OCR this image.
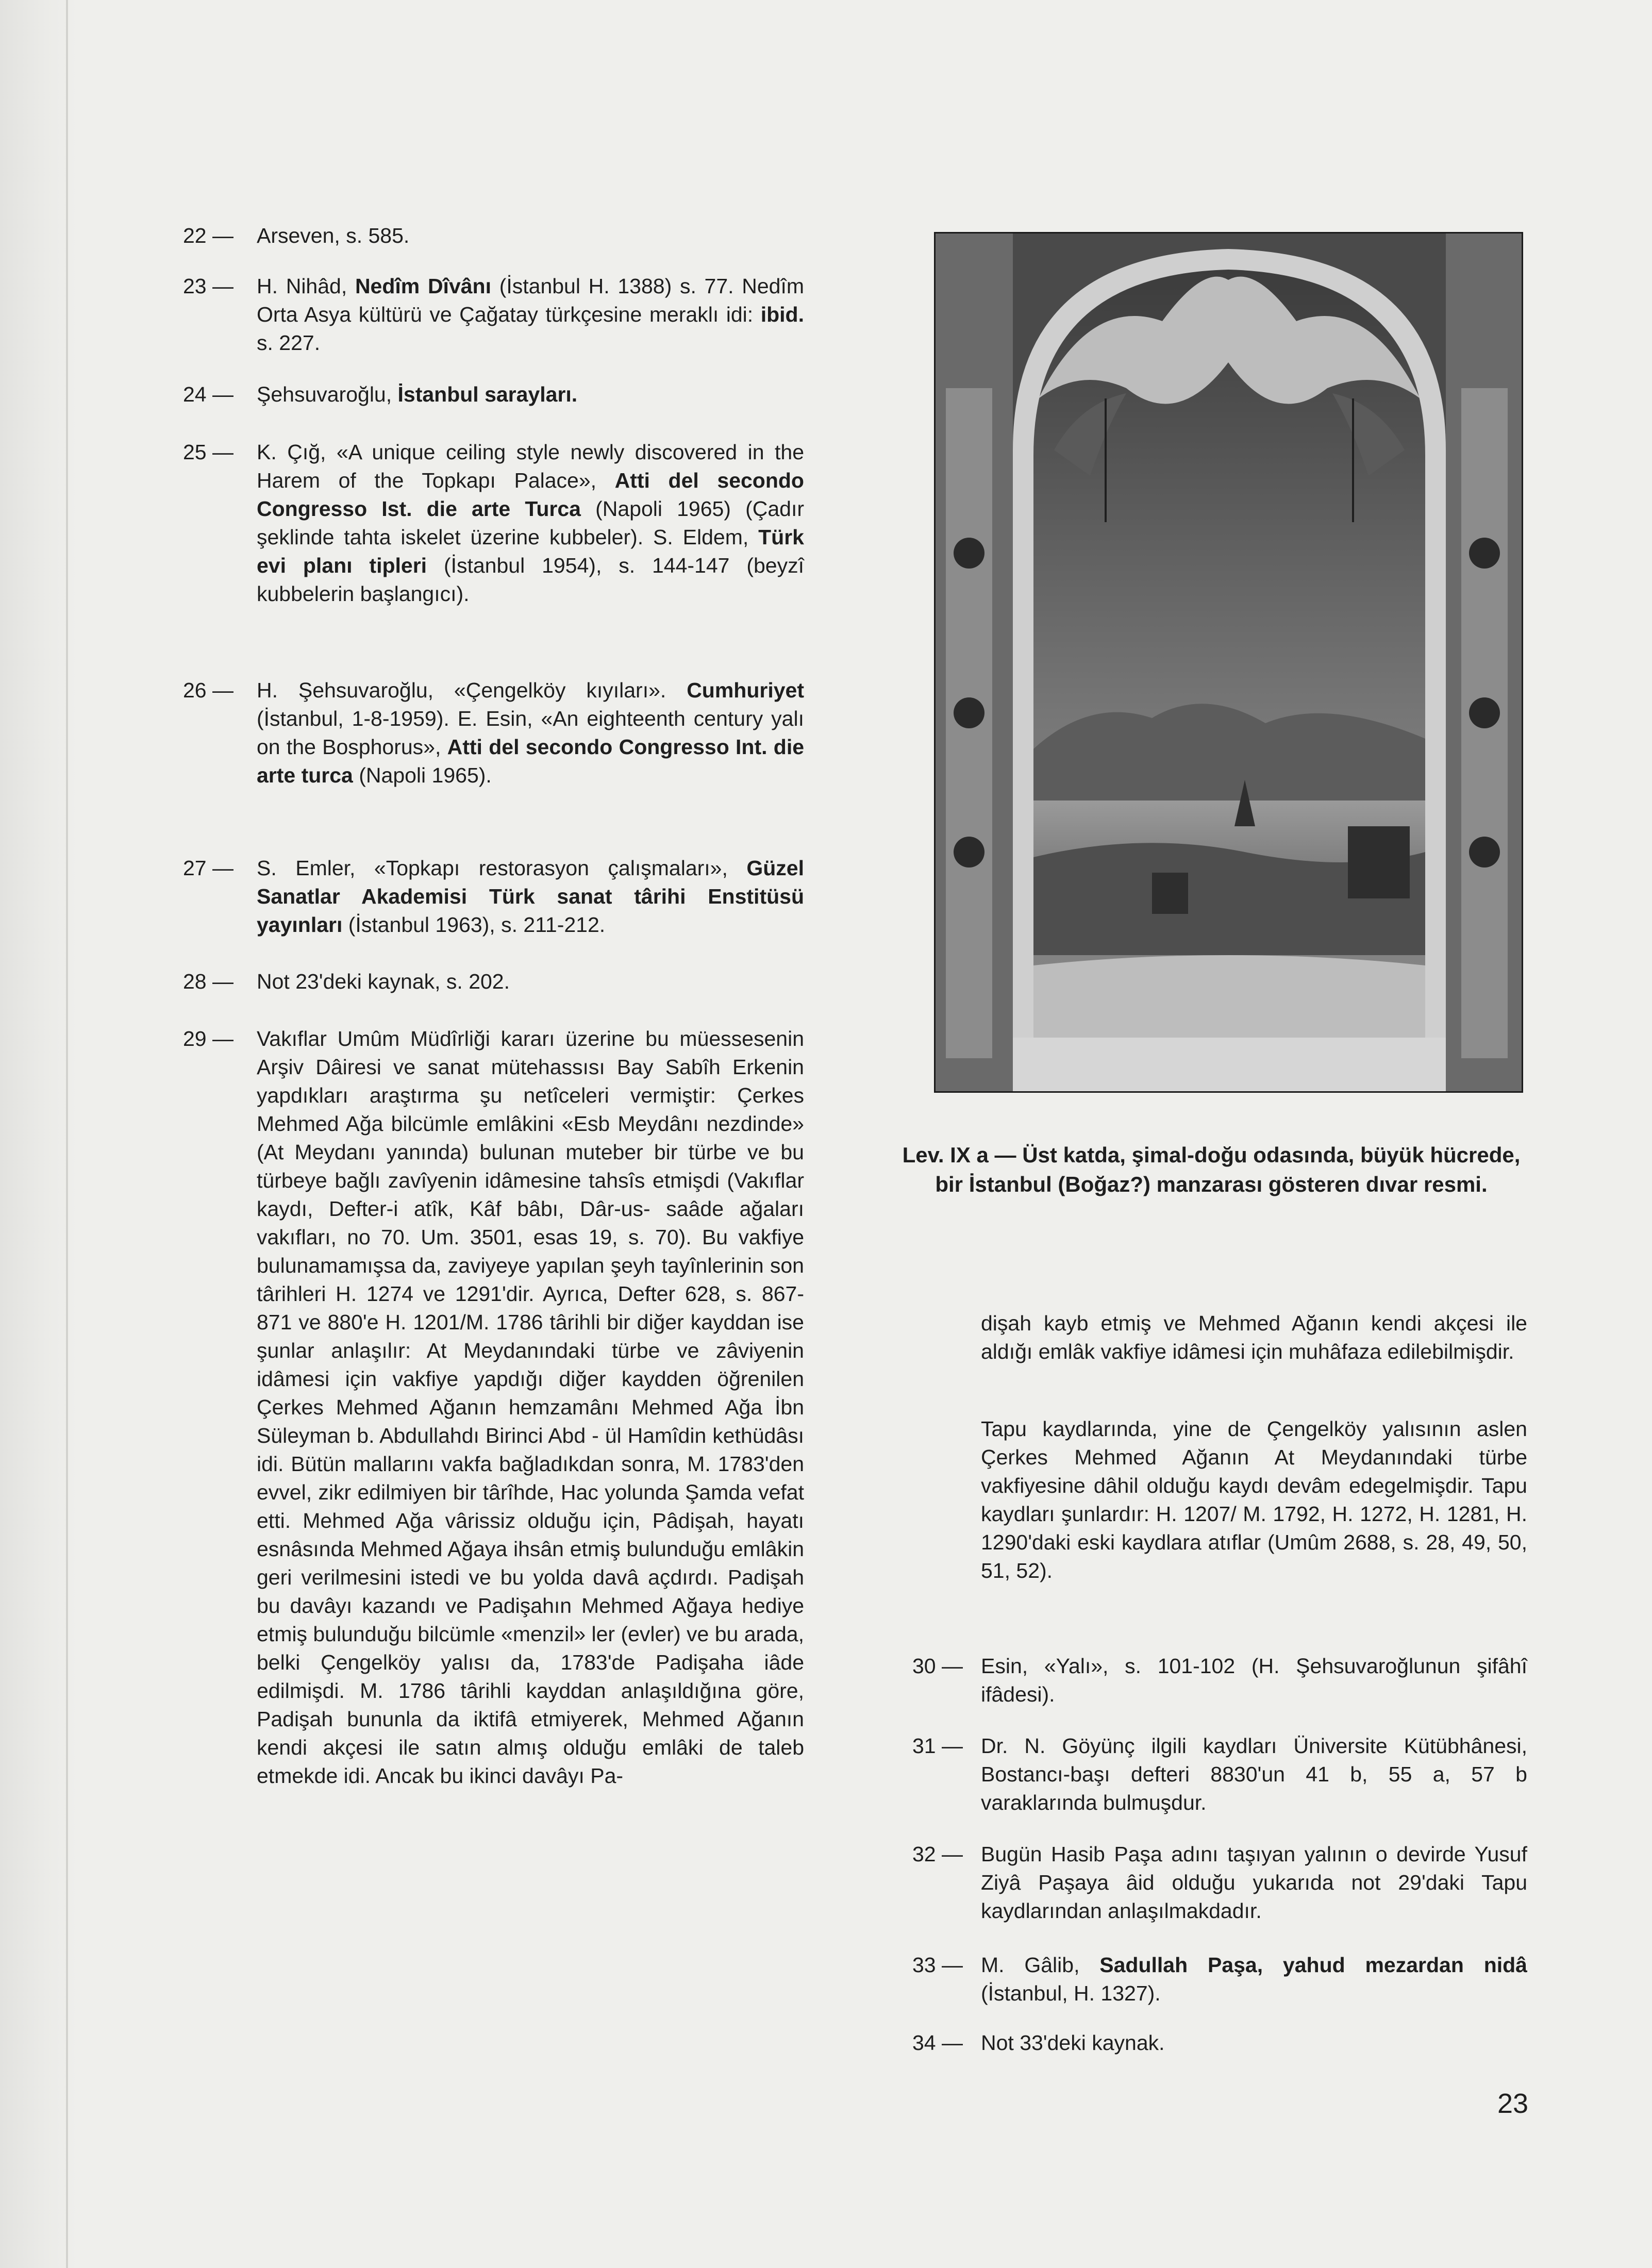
22 —	Arseven, s. 585.
23 —	H. Nihâd, Nedîm Dîvânı (İstanbul H. 1388) s. 77. Nedîm Orta Asya kültürü ve Çağatay türkçesine meraklı idi: ibid. s. 227.
24 —	Şehsuvaroğlu, İstanbul sarayları.
25 —	K. Çığ, «A unique ceiling style newly discovered in the Harem of the Topkapı Palace», Atti del secondo Congresso Ist. die arte Turca (Napoli 1965) (Çadır şeklinde tahta iskelet üzerine kubbeler). S. Eldem, Türk evi planı tipleri (İstanbul 1954), s. 144-147 (beyzî kubbelerin başlangıcı).
26 —	H. Şehsuvaroğlu, «Çengelköy kıyıları». Cumhuriyet (İstanbul, 1-8-1959). E. Esin, «An eighteenth century yalı on the Bosphorus», Atti del secondo Congresso Int. die arte turca (Napoli 1965).
27 —	S. Emler, «Topkapı restorasyon çalışmaları», Güzel Sanatlar Akademisi Türk sanat târihi Enstitüsü yayınları (İstanbul 1963), s. 211-212.
28 —	Not 23'deki kaynak, s. 202.
29 —	Vakıflar Umûm Müdîrliği kararı üzerine bu müessesenin Arşiv Dâiresi ve sanat mütehassısı Bay Sabîh Erkenin yapdıkları araştırma şu netîceleri vermiştir: Çerkes Mehmed Ağa bilcümle emlâkini «Esb Meydânı nezdinde» (At Meydanı yanında) bulunan muteber bir türbe ve bu türbeye bağlı zavîyenin idâmesine tahsîs etmişdi (Vakıflar kaydı, Defter-i atîk, Kâf bâbı, Dâr-us- saâde ağaları vakıfları, no 70. Um. 3501, esas 19, s. 70). Bu vakfiye bulunamamışsa da, zaviyeye yapılan şeyh tayînlerinin son târihleri H. 1274 ve 1291'dir. Ayrıca, Defter 628, s. 867-871 ve 880'e H. 1201/M. 1786 târihli bir diğer kayddan ise şunlar anlaşılır: At Meydanındaki türbe ve zâviyenin idâmesi için vakfiye yapdığı diğer kaydden öğrenilen Çerkes Mehmed Ağanın hemzamânı Mehmed Ağa İbn Süleyman b. Abdullahdı Birinci Abd - ül Hamîdin kethüdâsı idi. Bütün mallarını vakfa bağladıkdan sonra, M. 1783'den evvel, zikr edilmiyen bir târîhde, Hac yolunda Şamda vefat etti. Mehmed Ağa vârissiz olduğu için, Pâdişah, hayatı esnâsında Mehmed Ağaya ihsân etmiş bulunduğu emlâkin geri verilmesini istedi ve bu yolda davâ açdırdı. Padişah bu davâyı kazandı ve Padişahın Mehmed Ağaya hediye etmiş bulunduğu bilcümle «menzil» ler (evler) ve bu arada, belki Çengelköy yalısı da, 1783'de Padişaha iâde edilmişdi. M. 1786 târihli kayddan anlaşıldığına göre, Padişah bununla da iktifâ etmiyerek, Mehmed Ağanın kendi akçesi ile satın almış olduğu emlâki de taleb etmekde idi. Ancak bu ikinci davâyı Pa-
Lev. IX a — Üst katda, şimal-doğu odasında, büyük hücrede, bir İstanbul (Boğaz?) manzarası gösteren dıvar resmi.
dişah kayb etmiş ve Mehmed Ağanın kendi akçesi ile aldığı emlâk vakfiye idâmesi için muhâfaza edilebilmişdir.
Tapu kaydlarında, yine de Çengelköy yalısının aslen Çerkes Mehmed Ağanın At Meydanındaki türbe vakfiyesine dâhil olduğu kaydı devâm edegelmişdir. Tapu kaydları şunlardır: H. 1207/ M. 1792, H. 1272, H. 1281, H. 1290'daki eski kaydlara atıflar (Umûm 2688, s. 28, 49, 50, 51, 52).
30 — Esin, «Yalı», s. 101-102 (H. Şehsuvaroğlunun şifâhî ifâdesi).
31 — Dr. N. Göyünç ilgili kaydları Üniversite Kütübhânesi, Bostancı-başı defteri 8830'un 41 b, 55 a, 57 b varaklarında bulmuşdur.
32 — Bugün Hasib Paşa adını taşıyan yalının o devirde Yusuf Ziyâ Paşaya âid olduğu yukarıda not 29'daki Tapu kaydlarından anlaşılmakdadır.
33 — M. Gâlib, Sadullah Paşa, yahud mezardan nidâ (İstanbul, H. 1327).
34 — Not 33'deki kaynak.
23
